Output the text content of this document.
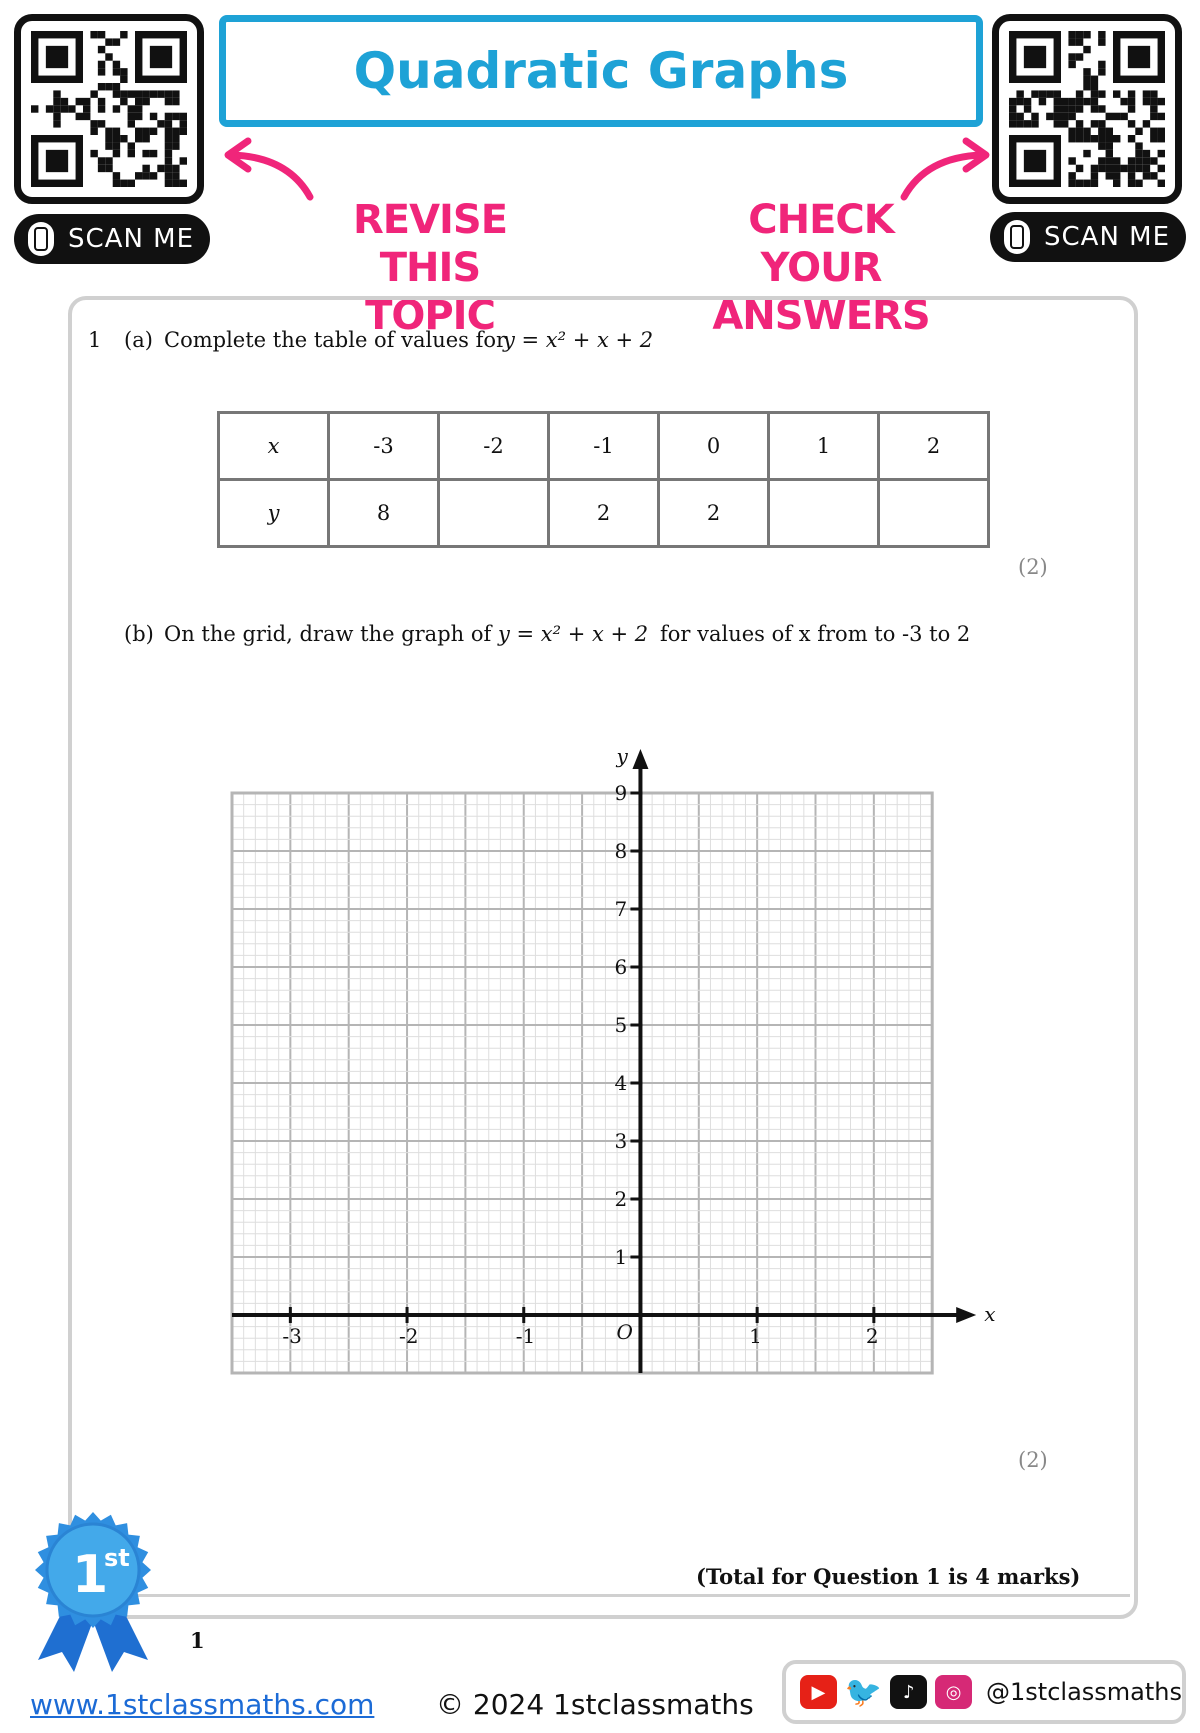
SCAN ME
Quadratic Graphs
SCAN ME
REVISE THIS
TOPIC
CHECK YOUR
ANSWERS
1 (a) Complete the table of values for
y = x² + x + 2
x	-3	-2	-1	0	1	2
y	8		2	2		
(2)
(b) On the grid, draw the graph of y = x² + x + 2 for values of x from to -3 to 2
-3	-2	-1	1	2
1
2
3
4
5
6
7
8
9
O
x
y
(2)
(Total for Question 1 is 4 marks)
1
st
1
www.1stclassmaths.com © 2024 1stclassmaths	▶ 🐦	♪	◎	@1stclassmaths
